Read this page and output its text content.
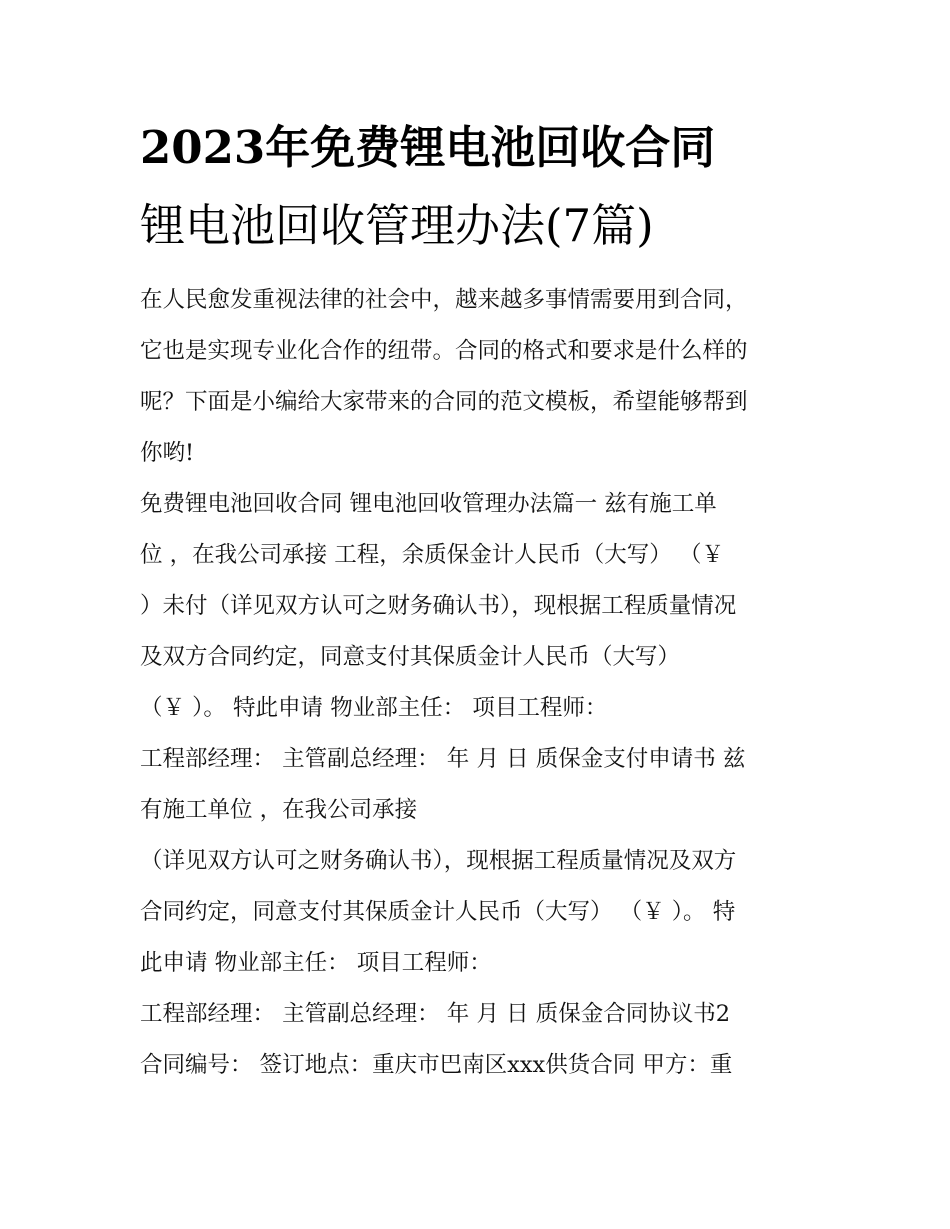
2023年免费锂电池回收合同
锂电池回收管理办法(7篇)

在人民愈发重视法律的社会中，越来越多事情需要用到合同，

它也是实现专业化合作的纽带。合同的格式和要求是什么样的

呢？下面是小编给大家带来的合同的范文模板，希望能够帮到

你哟!

免费锂电池回收合同 锂电池回收管理办法篇一 兹有施工单

位 ，在我公司承接 工程，余质保金计人民币（大写） （￥

）未付（详见双方认可之财务确认书），现根据工程质量情况

及双方合同约定，同意支付其保质金计人民币（大写）

（￥ ）。 特此申请 物业部主任： 项目工程师：

工程部经理： 主管副总经理： 年 月 日 质保金支付申请书 兹

有施工单位 ，在我公司承接

（详见双方认可之财务确认书），现根据工程质量情况及双方

合同约定，同意支付其保质金计人民币（大写） （￥ ）。 特

此申请 物业部主任： 项目工程师：

工程部经理： 主管副总经理： 年 月 日 质保金合同协议书2

合同编号： 签订地点：重庆市巴南区xxx供货合同 甲方：重
